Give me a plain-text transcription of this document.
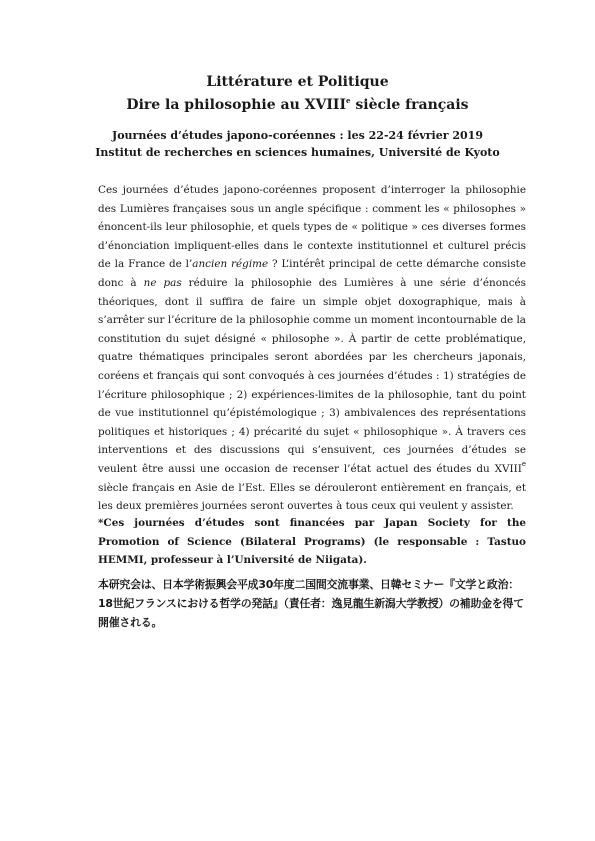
Littérature et Politique

Dire la philosophie au XVIIIe siècle français

Journées d’études japono-coréennes : les 22-24 février 2019

Institut de recherches en sciences humaines, Université de Kyoto

Ces journées d’études japono-coréennes proposent d’interroger la philosophie des Lumières françaises sous un angle spécifique : comment les « philosophes » énoncent-ils leur philosophie, et quels types de « politique » ces diverses formes d’énonciation impliquent-elles dans le contexte institutionnel et culturel précis de la France de l’ancien régime ? L’intérêt principal de cette démarche consiste donc à ne pas réduire la philosophie des Lumières à une série d’énoncés théoriques, dont il suffira de faire un simple objet doxographique, mais à s’arrêter sur l’écriture de la philosophie comme un moment incontournable de la constitution du sujet désigné « philosophe ». À partir de cette problématique, quatre thématiques principales seront abordées par les chercheurs japonais, coréens et français qui sont convoqués à ces journées d’études : 1) stratégies de l’écriture philosophique ; 2) expériences-limites de la philosophie, tant du point de vue institutionnel qu’épistémologique ; 3) ambivalences des représentations politiques et historiques ; 4) précarité du sujet « philosophique ». À travers ces interventions et des discussions qui s’ensuivent, ces journées d’études se veulent être aussi une occasion de recenser l’état actuel des études du XVIIIe siècle français en Asie de l’Est. Elles se dérouleront entièrement en français, et les deux premières journées seront ouvertes à tous ceux qui veulent y assister.

*Ces journées d’études sont financées par Japan Society for the Promotion of Science (Bilateral Programs) (le responsable : Tastuo HEMMI, professeur à l’Université de Niigata).

本研究会は、日本学術振興会平成30年度二国間交流事業、日韓セミナー『文学と政治：18世紀フランスにおける哲学の発話』（責任者：逸見龍生新潟大学教授）の補助金を得て開催される。
